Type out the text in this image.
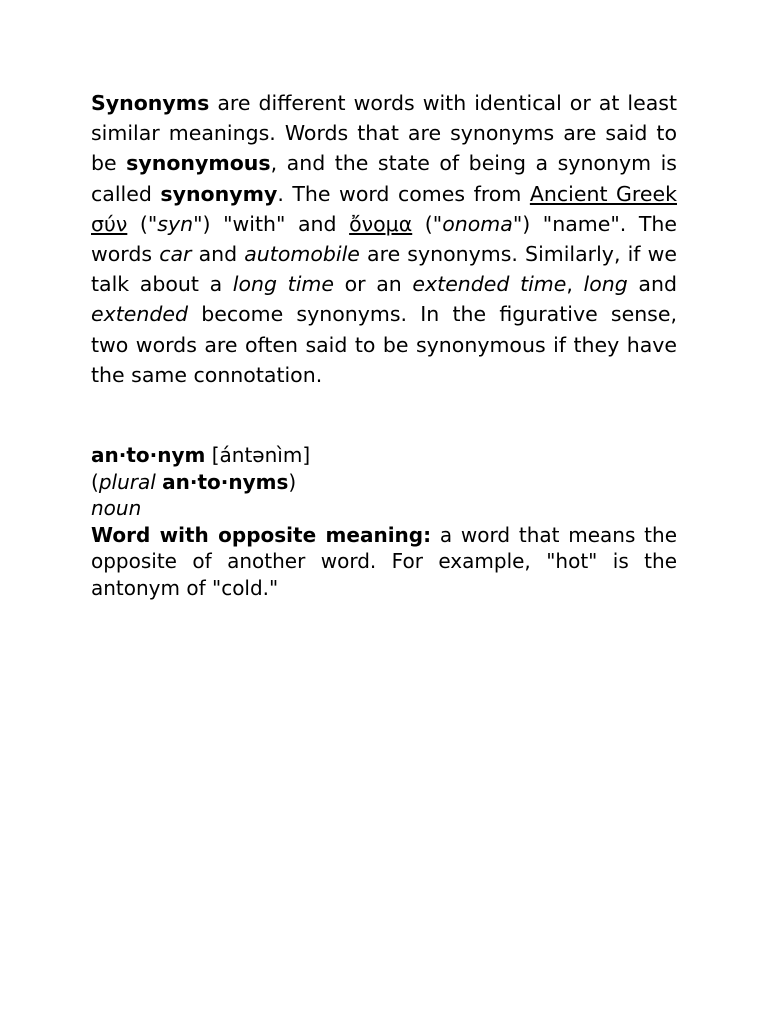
Synonyms are different words with identical or at least similar meanings. Words that are synonyms are said to be synonymous, and the state of being a synonym is called synonymy. The word comes from Ancient Greek σύν ("syn") "with" and ὄνομα ("onoma") "name". The words car and automobile are synonyms. Similarly, if we talk about a long time or an extended time, long and extended become synonyms. In the figurative sense, two words are often said to be synonymous if they have the same connotation.

an·to·nym [ántənìm]

(plural an·to·nyms)

noun

Word with opposite meaning: a word that means the opposite of another word. For example, "hot" is the antonym of "cold."
